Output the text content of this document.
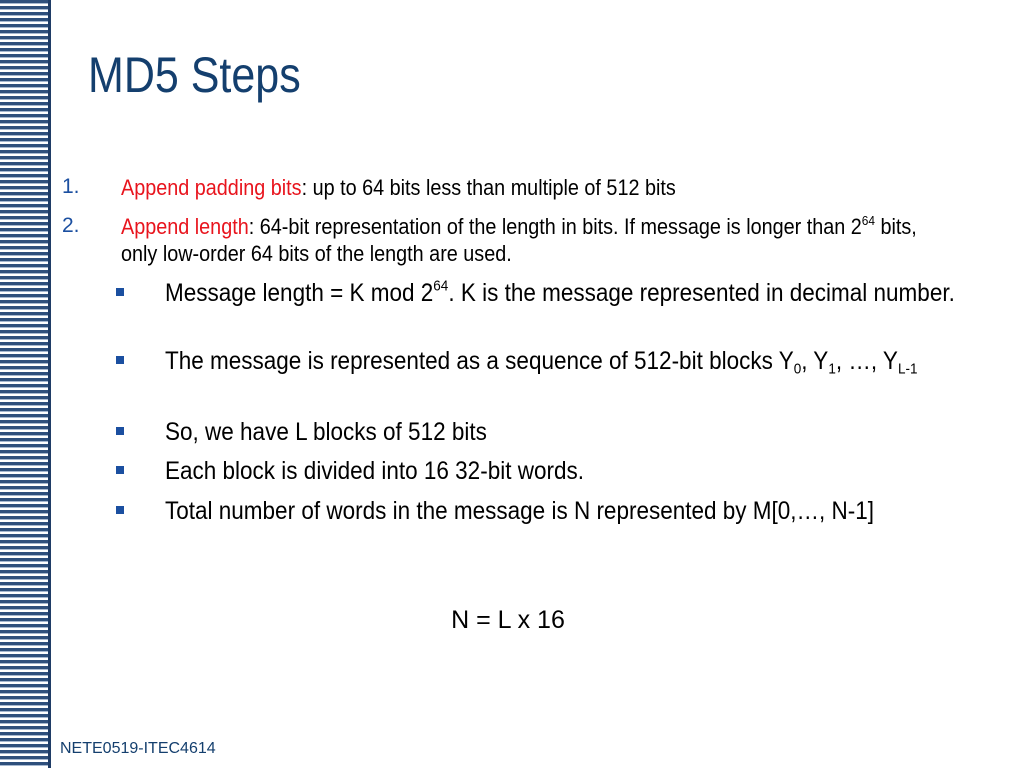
MD5 Steps
1. Append padding bits: up to 64 bits less than multiple of 512 bits
2. Append length: 64-bit representation of the length in bits. If message is longer than $2^{64}$ bits, only low-order 64 bits of the length are used.
Message length = K mod $2^{64}$. K is the message represented in decimal number.
The message is represented as a sequence of 512-bit blocks $Y_0$, $Y_1$, …, $Y_{L-1}$
So, we have L blocks of 512 bits
Each block is divided into 16 32-bit words.
Total number of words in the message is N represented by M[0,…, N-1]
N = L x 16
NETE0519-ITEC4614
